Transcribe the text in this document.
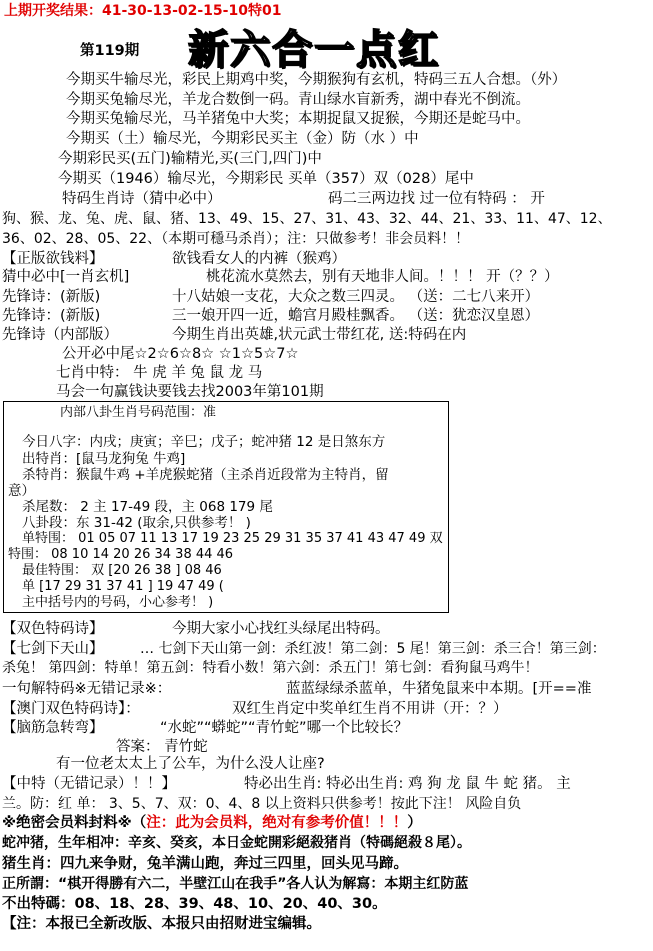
上期开奖结果：41-30-13-02-15-10特01
第119期 新六合一点红
今期买牛输尽光，彩民上期鸡中奖，今期猴狗有玄机，特码三五人合想。（外）
今期买兔输尽光，羊龙合数倒一码。青山绿水盲新秀，湖中春光不倒流。
今期买兔输尽光，马羊猪兔中大奖；本期捉鼠又捉猴，今期还是蛇马中。
今期买（土）输尽光，今期彩民买主（金）防（水 ）中
今期彩民买(五门)输精光,买(三门,四门)中
今期买（1946）输尽光，今期彩民 买单（357）双（028）尾中
特码生肖诗（猜中必中）	码二三两边找 过一位有特码 ： 开
狗、猴、龙、兔、虎、鼠、猪、13、49、15、27、31、43、32、44、21、33、11、47、12、
36、02、28、05、22、（本期可穩马杀肖）；注：只做参考！非会员料！！
【正版欲钱料】	欲钱看女人的内裤（猴鸡）
猜中必中[一肖玄机]	桃花流水莫然去，别有天地非人间。！！！ 开（？？）
先锋诗：(新版)	十八姑娘一支花，大众之数三四灵。 （送：二七八来开）
先锋诗：(新版)	三一娘开四一近，蟾宫月殿桂飘香。 （送：犹恋汉皇恩）
先锋诗（内部版）	今期生肖出英雄,状元武士带红花, 送:特码在内
公开必中尾☆2☆6☆8☆ ☆1☆5☆7☆
七肖中特： 牛 虎 羊 兔 鼠 龙 马
马会一句赢钱诀要钱去找2003年第101期
内部八卦生肖号码范围：准
今日八字：内戌；庚寅；辛巳；戊子；蛇冲猪 12 是日煞东方
出特肖：[鼠马龙狗兔 牛鸡]
杀特肖：猴鼠牛鸡 +羊虎猴蛇猪（主杀肖近段常为主特肖，留
意）
杀尾数： 2 主 17-49 段，主 068 179 尾
八卦段：东 31-42 (取余,只供参考！ )
单特围： 01 05 07 11 13 17 19 23 25 29 31 35 37 41 43 47 49 双
特围： 08 10 14 20 26 34 38 44 46
最佳特围： 双 [20 26 38 ] 08 46
单 [17 29 31 37 41 ] 19 47 49 (
主中括号内的号码，小心参考！ )
【双色特码诗】	今期大家小心找红头绿尾出特码。
【七剑下天山】	… 七剑下天山第一剑：杀红波！第二剑：5 尾！第三剑：杀三合！第三剑：
杀兔！ 第四剑：特单！第五剑：特看小数！第六剑：杀五门！第七剑：看狗鼠马鸡牛！
一句解特码※无错记录※：	蓝蓝绿绿杀蓝单，牛猪兔鼠来中本期。[开==准
【澳门双色特码诗】：	双红生肖定中奖单红生肖不用讲（开：？）
【脑筋急转弯】	“水蛇”“蟒蛇”“青竹蛇”哪一个比较长？
答案： 青竹蛇
有一位老太太上了公车，为什么没人让座?
【中特（无错记录）！！】	特必出生肖: 特必出生肖: 鸡 狗 龙 鼠 牛 蛇 猪。 主
兰。防：红 单： 3、5、7、双：0、4、8 以上资料只供参考！按此下注！ 风险自负
※绝密会员料封料※（注：此为会员料，绝对有参考价值！！！）
蛇冲猪，生年相冲：辛亥、癸亥，本日金蛇開彩絕殺猪肖（特碼絕殺８尾）。
猪生肖：四九来争财，兔羊满山跑，奔过三四里，回头见马蹄。
正所謂：“棋开得勝有六二，半壁江山在我手”各人认为解寫：本期主红防蓝
不出特碼：08、18、28、39、48、10、20、40、30。
【注：本报已全新改版、本报只由招财进宝编辑。
